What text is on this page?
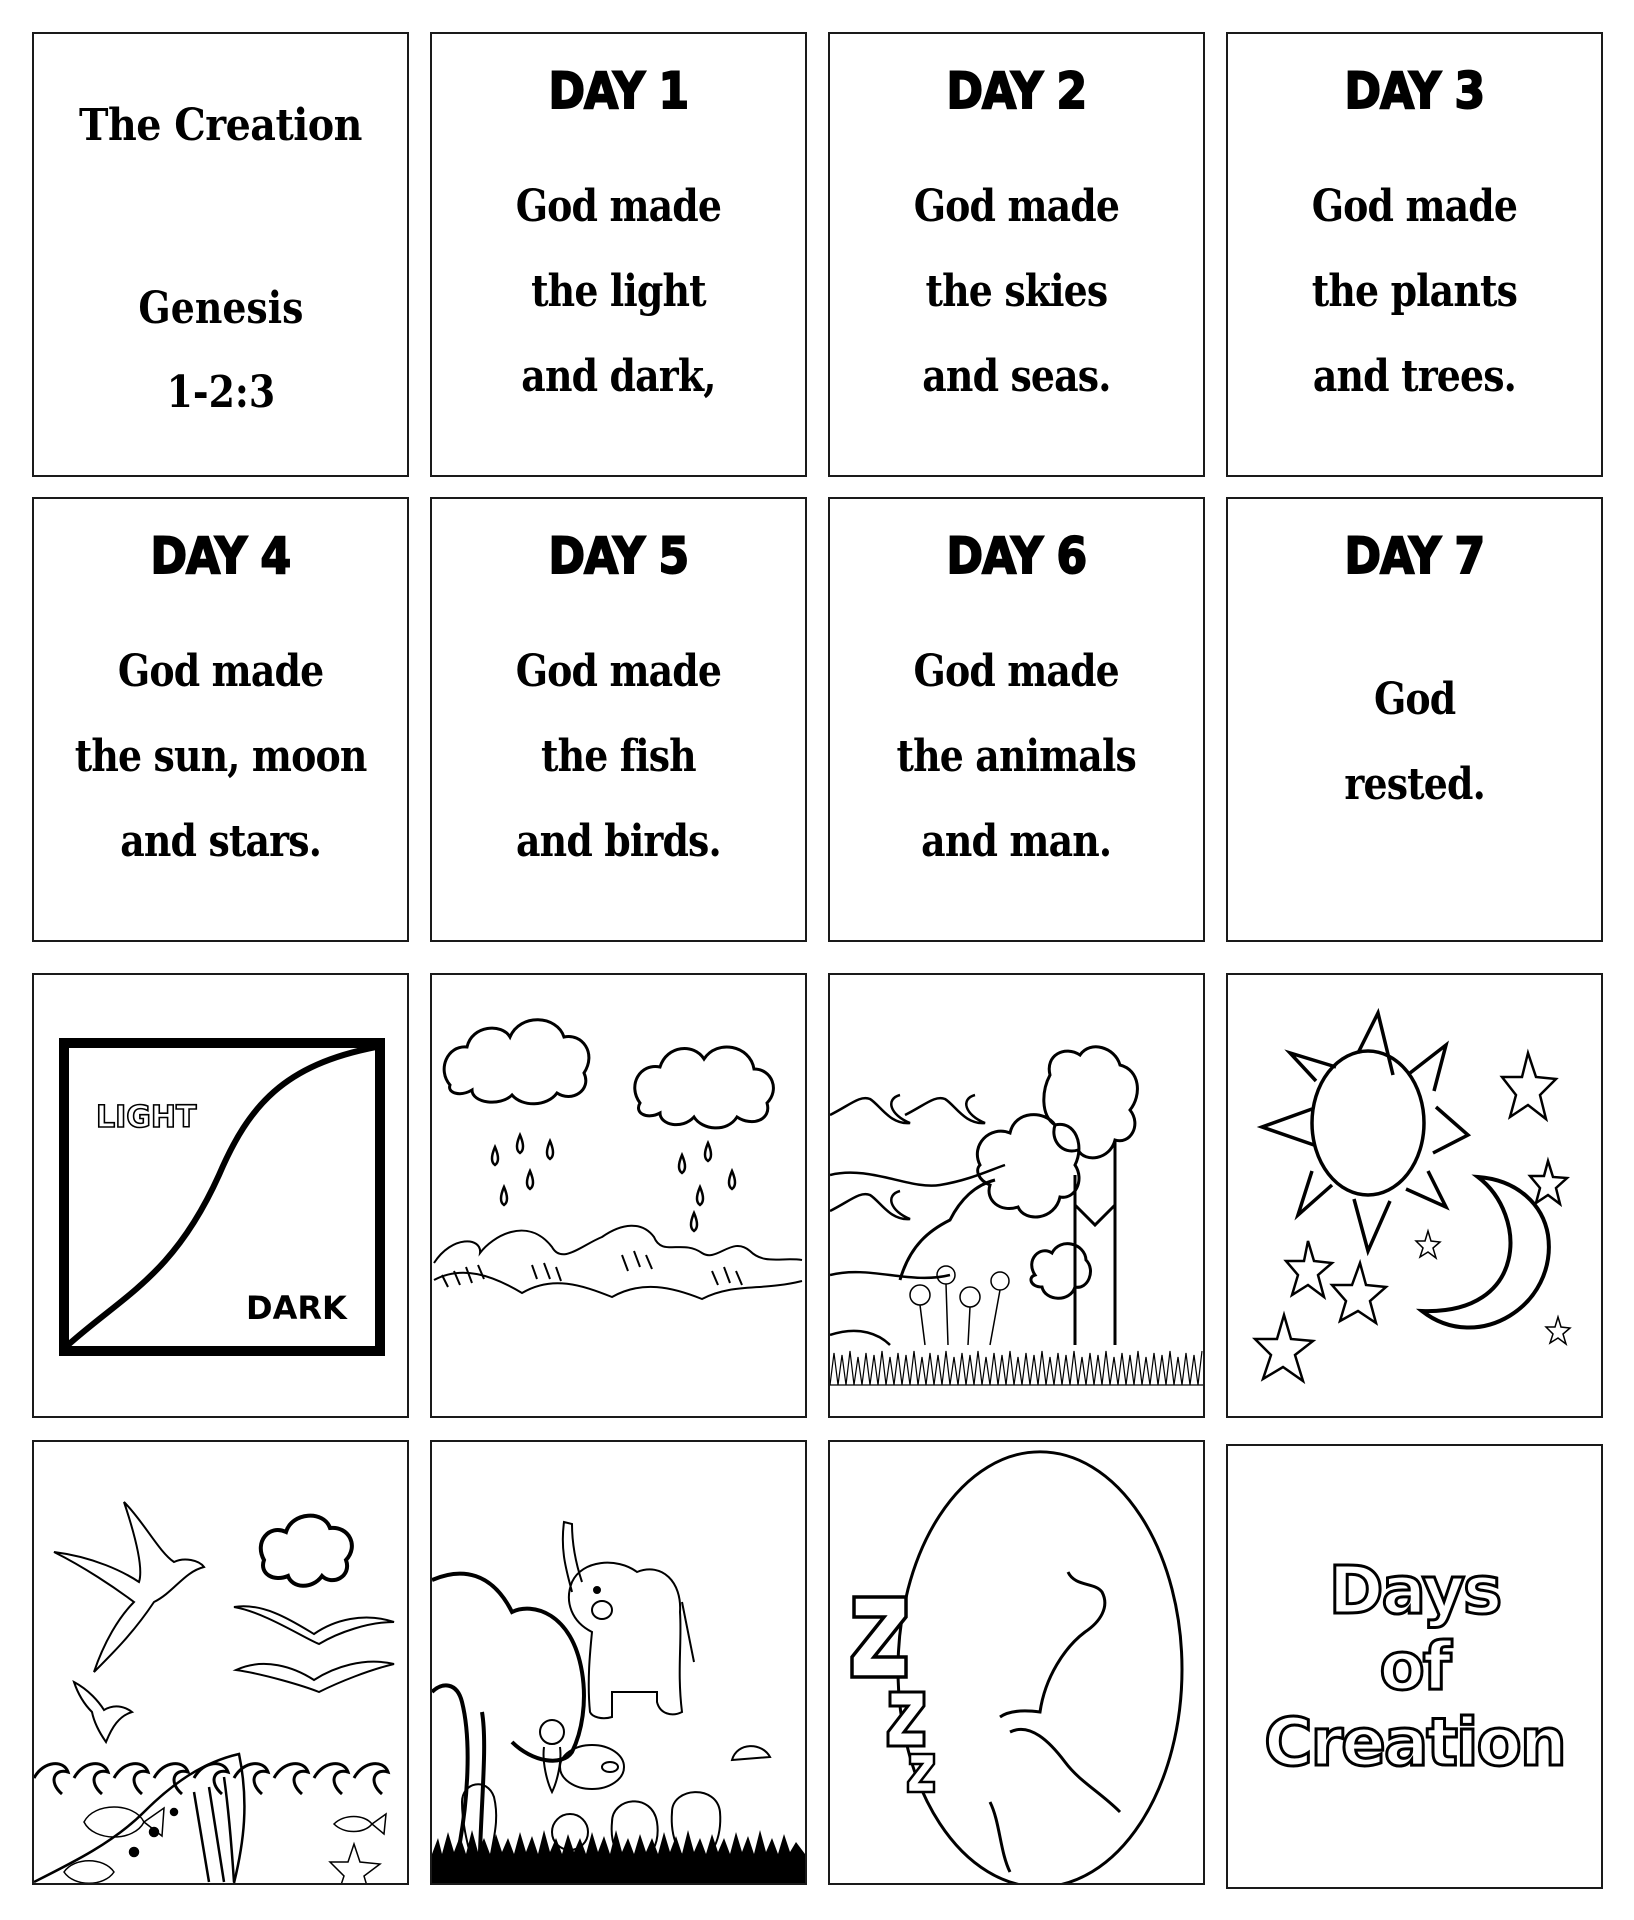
The Creation
Genesis
1-2:3
DAY 1
God made
the light
and dark,
DAY 2
God made
the skies
and seas.
DAY 3
God made
the plants
and trees.
DAY 4
God made
the sun, moon
and stars.
DAY 5
God made
the fish
and birds.
DAY 6
God made
the animals
and man.
DAY 7
God
rested.
LIGHT
DARK
Days
of
Creation
